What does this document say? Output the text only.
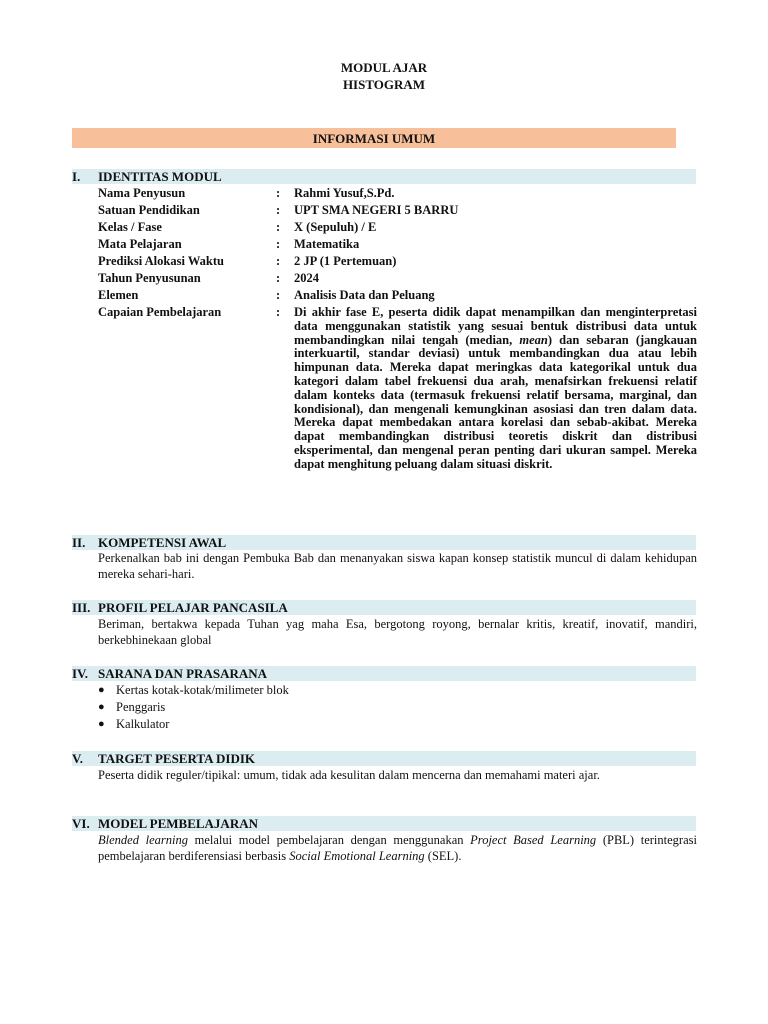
MODUL AJAR
HISTOGRAM
INFORMASI UMUM
I. IDENTITAS MODUL
Nama Penyusun	: Rahmi Yusuf,S.Pd.
Satuan Pendidikan	: UPT SMA NEGERI 5 BARRU
Kelas / Fase	: X (Sepuluh) / E
Mata Pelajaran	: Matematika
Prediksi Alokasi Waktu	: 2 JP (1 Pertemuan)
Tahun Penyusunan	: 2024
Elemen	: Analisis Data dan Peluang
Capaian Pembelajaran	: Di akhir fase E, peserta didik dapat menampilkan dan menginterpretasi data menggunakan statistik yang sesuai bentuk distribusi data untuk membandingkan nilai tengah (median, mean) dan sebaran (jangkauan interkuartil, standar deviasi) untuk membandingkan dua atau lebih himpunan data. Mereka dapat meringkas data kategorikal untuk dua kategori dalam tabel frekuensi dua arah, menafsirkan frekuensi relatif dalam konteks data (termasuk frekuensi relatif bersama, marginal, dan kondisional), dan mengenali kemungkinan asosiasi dan tren dalam data. Mereka dapat membedakan antara korelasi dan sebab-akibat. Mereka dapat membandingkan distribusi teoretis diskrit dan distribusi eksperimental, dan mengenal peran penting dari ukuran sampel. Mereka dapat menghitung peluang dalam situasi diskrit.
II. KOMPETENSI AWAL
Perkenalkan bab ini dengan Pembuka Bab dan menanyakan siswa kapan konsep statistik muncul di dalam kehidupan mereka sehari-hari.
III. PROFIL PELAJAR PANCASILA
Beriman, bertakwa kepada Tuhan yag maha Esa, bergotong royong, bernalar kritis, kreatif, inovatif, mandiri, berkebhinekaan global
IV. SARANA DAN PRASARANA
● Kertas kotak-kotak/milimeter blok
● Penggaris
● Kalkulator
V. TARGET PESERTA DIDIK
Peserta didik reguler/tipikal: umum, tidak ada kesulitan dalam mencerna dan memahami materi ajar.
VI. MODEL PEMBELAJARAN
Blended learning melalui model pembelajaran dengan menggunakan Project Based Learning (PBL) terintegrasi pembelajaran berdiferensiasi berbasis Social Emotional Learning (SEL).
